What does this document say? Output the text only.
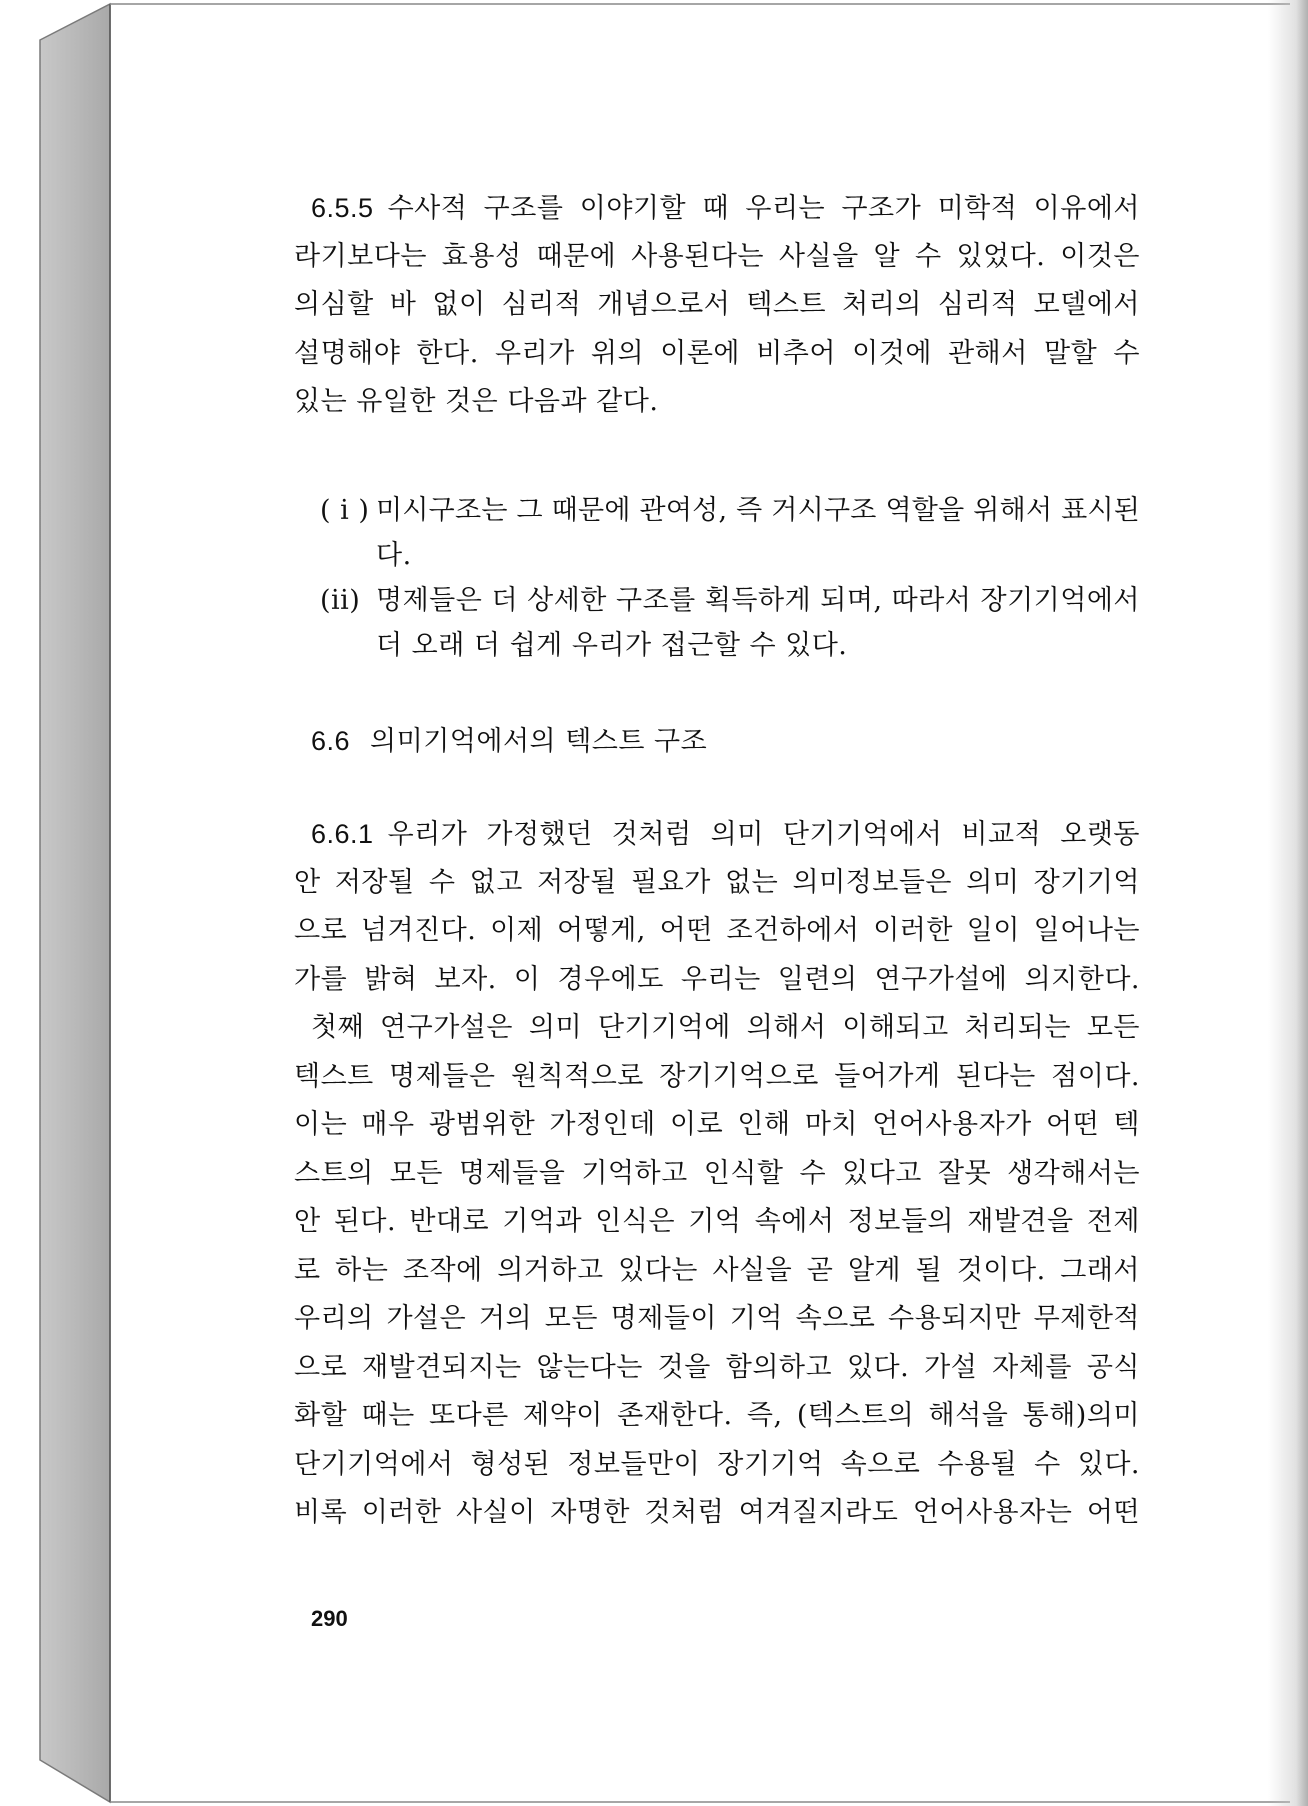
6.5.5 수사적 구조를 이야기할 때 우리는 구조가 미학적 이유에서
라기보다는 효용성 때문에 사용된다는 사실을 알 수 있었다. 이것은
의심할 바 없이 심리적 개념으로서 텍스트 처리의 심리적 모델에서
설명해야 한다. 우리가 위의 이론에 비추어 이것에 관해서 말할 수
있는 유일한 것은 다음과 같다.
( i ) 미시구조는 그 때문에 관여성, 즉 거시구조 역할을 위해서 표시된
다.
(ii) 명제들은 더 상세한 구조를 획득하게 되며, 따라서 장기기억에서
더 오래 더 쉽게 우리가 접근할 수 있다.
6.6 의미기억에서의 텍스트 구조
6.6.1 우리가 가정했던 것처럼 의미 단기기억에서 비교적 오랫동
안 저장될 수 없고 저장될 필요가 없는 의미정보들은 의미 장기기억
으로 넘겨진다. 이제 어떻게, 어떤 조건하에서 이러한 일이 일어나는
가를 밝혀 보자. 이 경우에도 우리는 일련의 연구가설에 의지한다.
첫째 연구가설은 의미 단기기억에 의해서 이해되고 처리되는 모든
텍스트 명제들은 원칙적으로 장기기억으로 들어가게 된다는 점이다.
이는 매우 광범위한 가정인데 이로 인해 마치 언어사용자가 어떤 텍
스트의 모든 명제들을 기억하고 인식할 수 있다고 잘못 생각해서는
안 된다. 반대로 기억과 인식은 기억 속에서 정보들의 재발견을 전제
로 하는 조작에 의거하고 있다는 사실을 곧 알게 될 것이다. 그래서
우리의 가설은 거의 모든 명제들이 기억 속으로 수용되지만 무제한적
으로 재발견되지는 않는다는 것을 함의하고 있다. 가설 자체를 공식
화할 때는 또다른 제약이 존재한다. 즉, (텍스트의 해석을 통해)의미
단기기억에서 형성된 정보들만이 장기기억 속으로 수용될 수 있다.
비록 이러한 사실이 자명한 것처럼 여겨질지라도 언어사용자는 어떤
290
